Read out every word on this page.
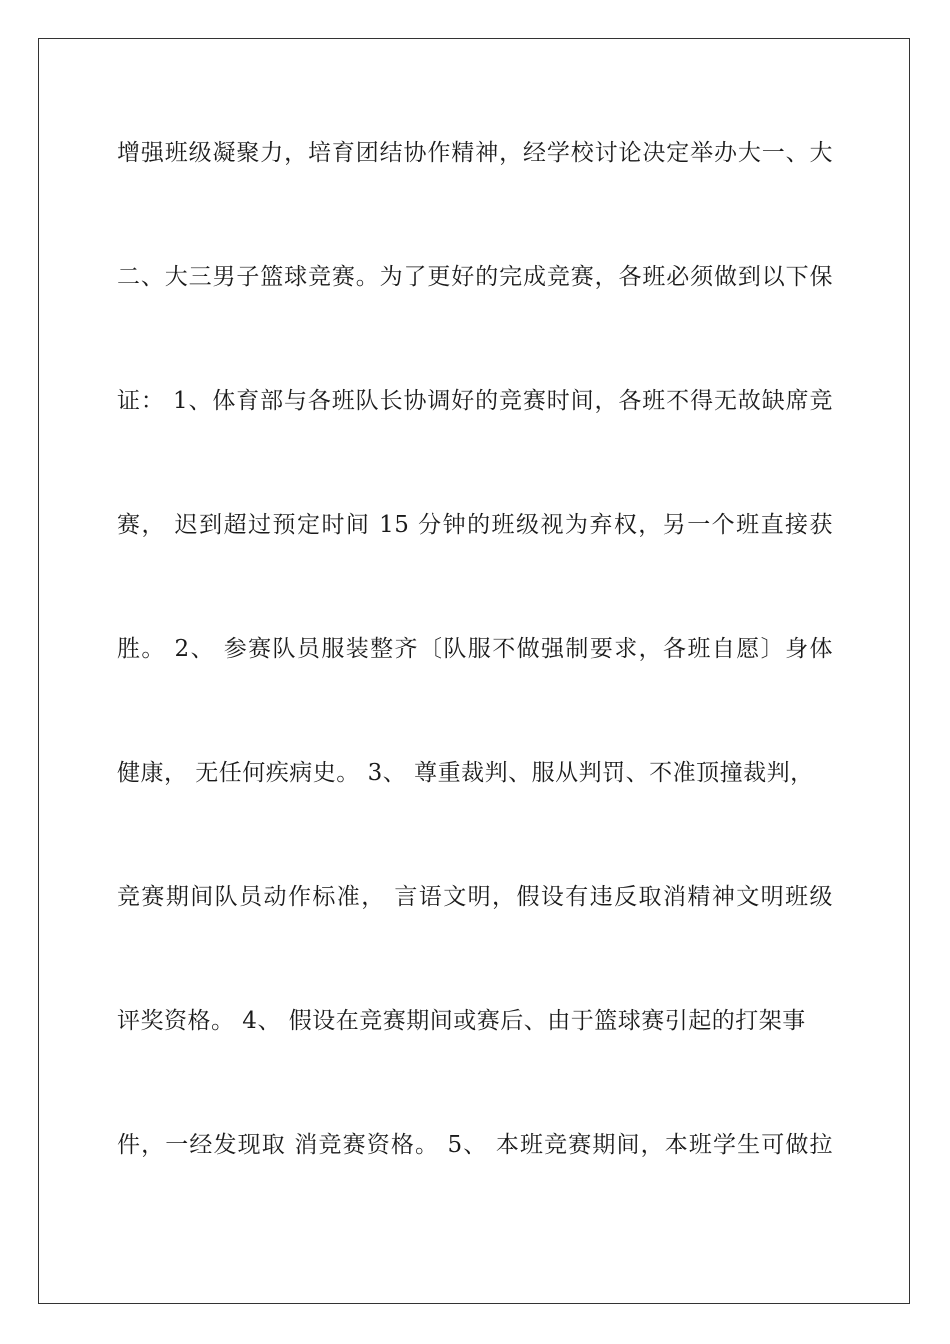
增强班级凝聚力，培育团结协作精神，经学校讨论决定举办大一、大
二、大三男子篮球竞赛。为了更好的完成竞赛，各班必须做到以下保
证： 1、体育部与各班队长协调好的竞赛时间，各班不得无故缺席竞
赛， 迟到超过预定时间 15 分钟的班级视为弃权，另一个班直接获
胜。 2、 参赛队员服装整齐〔队服不做强制要求，各班自愿〕身体
健康， 无任何疾病史。 3、 尊重裁判、服从判罚、不准顶撞裁判，
竞赛期间队员动作标准， 言语文明，假设有违反取消精神文明班级
评奖资格。 4、 假设在竞赛期间或赛后、由于篮球赛引起的打架事
件，一经发现取 消竞赛资格。 5、 本班竞赛期间，本班学生可做拉
